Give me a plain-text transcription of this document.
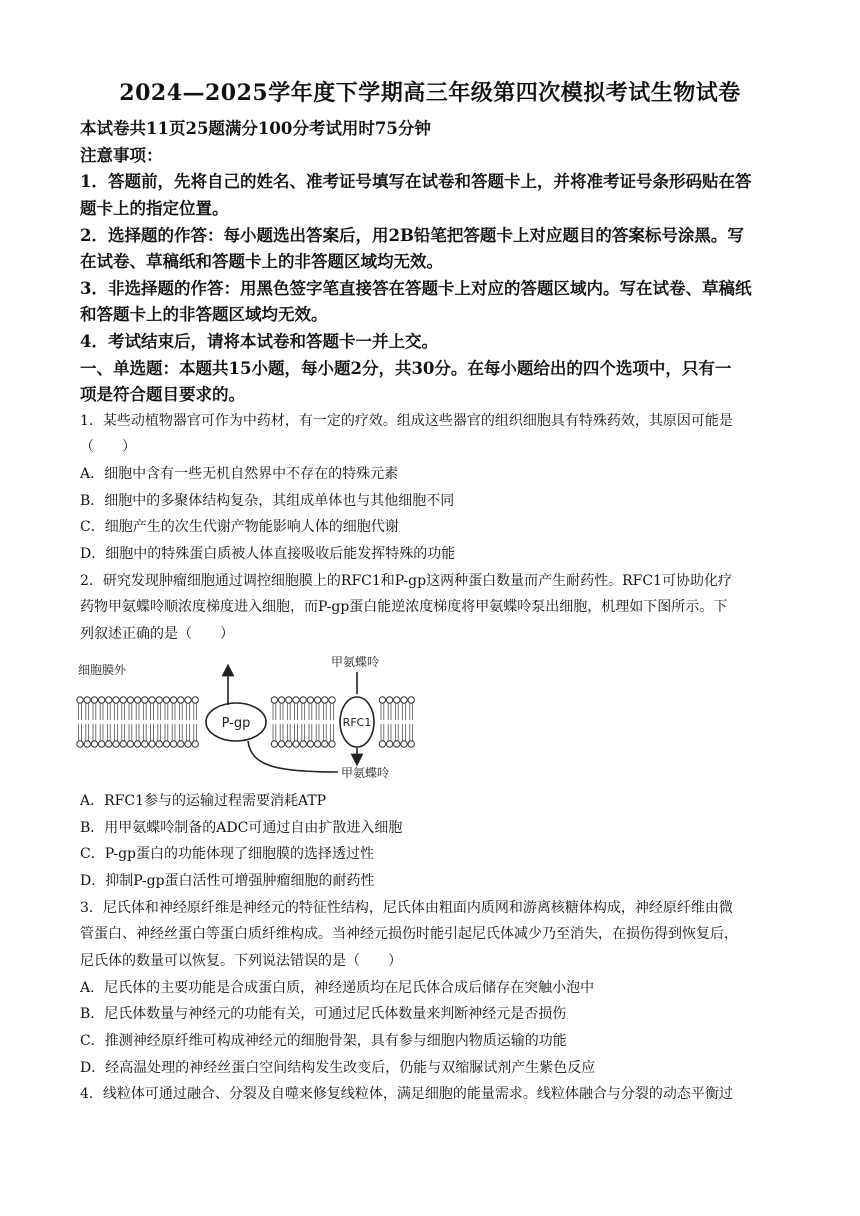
2024—2025学年度下学期高三年级第四次模拟考试生物试卷
本试卷共11页25题满分100分考试用时75分钟
注意事项：
1．答题前，先将自己的姓名、准考证号填写在试卷和答题卡上，并将准考证号条形码贴在答
题卡上的指定位置。
2．选择题的作答：每小题选出答案后，用2B铅笔把答题卡上对应题目的答案标号涂黑。写
在试卷、草稿纸和答题卡上的非答题区域均无效。
3．非选择题的作答：用黑色签字笔直接答在答题卡上对应的答题区域内。写在试卷、草稿纸
和答题卡上的非答题区域均无效。
4．考试结束后，请将本试卷和答题卡一并上交。
一、单选题：本题共15小题，每小题2分，共30分。在每小题给出的四个选项中，只有一
项是符合题目要求的。
1．某些动植物器官可作为中药材，有一定的疗效。组成这些器官的组织细胞具有特殊药效，其原因可能是
（　　）
A．细胞中含有一些无机自然界中不存在的特殊元素
B．细胞中的多聚体结构复杂，其组成单体也与其他细胞不同
C．细胞产生的次生代谢产物能影响人体的细胞代谢
D．细胞中的特殊蛋白质被人体直接吸收后能发挥特殊的功能
2．研究发现肿瘤细胞通过调控细胞膜上的RFC1和P-gp这两种蛋白数量而产生耐药性。RFC1可协助化疗
药物甲氨蝶呤顺浓度梯度进入细胞，而P-gp蛋白能逆浓度梯度将甲氨蝶呤泵出细胞，机理如下图所示。下
列叙述正确的是（　　）
P-gp	RFC1
细胞膜外
甲氨蝶呤
甲氨蝶呤
A．RFC1参与的运输过程需要消耗ATP
B．用甲氨蝶呤制备的ADC可通过自由扩散进入细胞
C．P-gp蛋白的功能体现了细胞膜的选择透过性
D．抑制P-gp蛋白活性可增强肿瘤细胞的耐药性
3．尼氏体和神经原纤维是神经元的特征性结构，尼氏体由粗面内质网和游离核糖体构成，神经原纤维由微
管蛋白、神经丝蛋白等蛋白质纤维构成。当神经元损伤时能引起尼氏体减少乃至消失，在损伤得到恢复后，
尼氏体的数量可以恢复。下列说法错误的是（　　）
A．尼氏体的主要功能是合成蛋白质，神经递质均在尼氏体合成后储存在突触小泡中
B．尼氏体数量与神经元的功能有关，可通过尼氏体数量来判断神经元是否损伤
C．推测神经原纤维可构成神经元的细胞骨架，具有参与细胞内物质运输的功能
D．经高温处理的神经丝蛋白空间结构发生改变后，仍能与双缩脲试剂产生紫色反应
4．线粒体可通过融合、分裂及自噬来修复线粒体，满足细胞的能量需求。线粒体融合与分裂的动态平衡过
